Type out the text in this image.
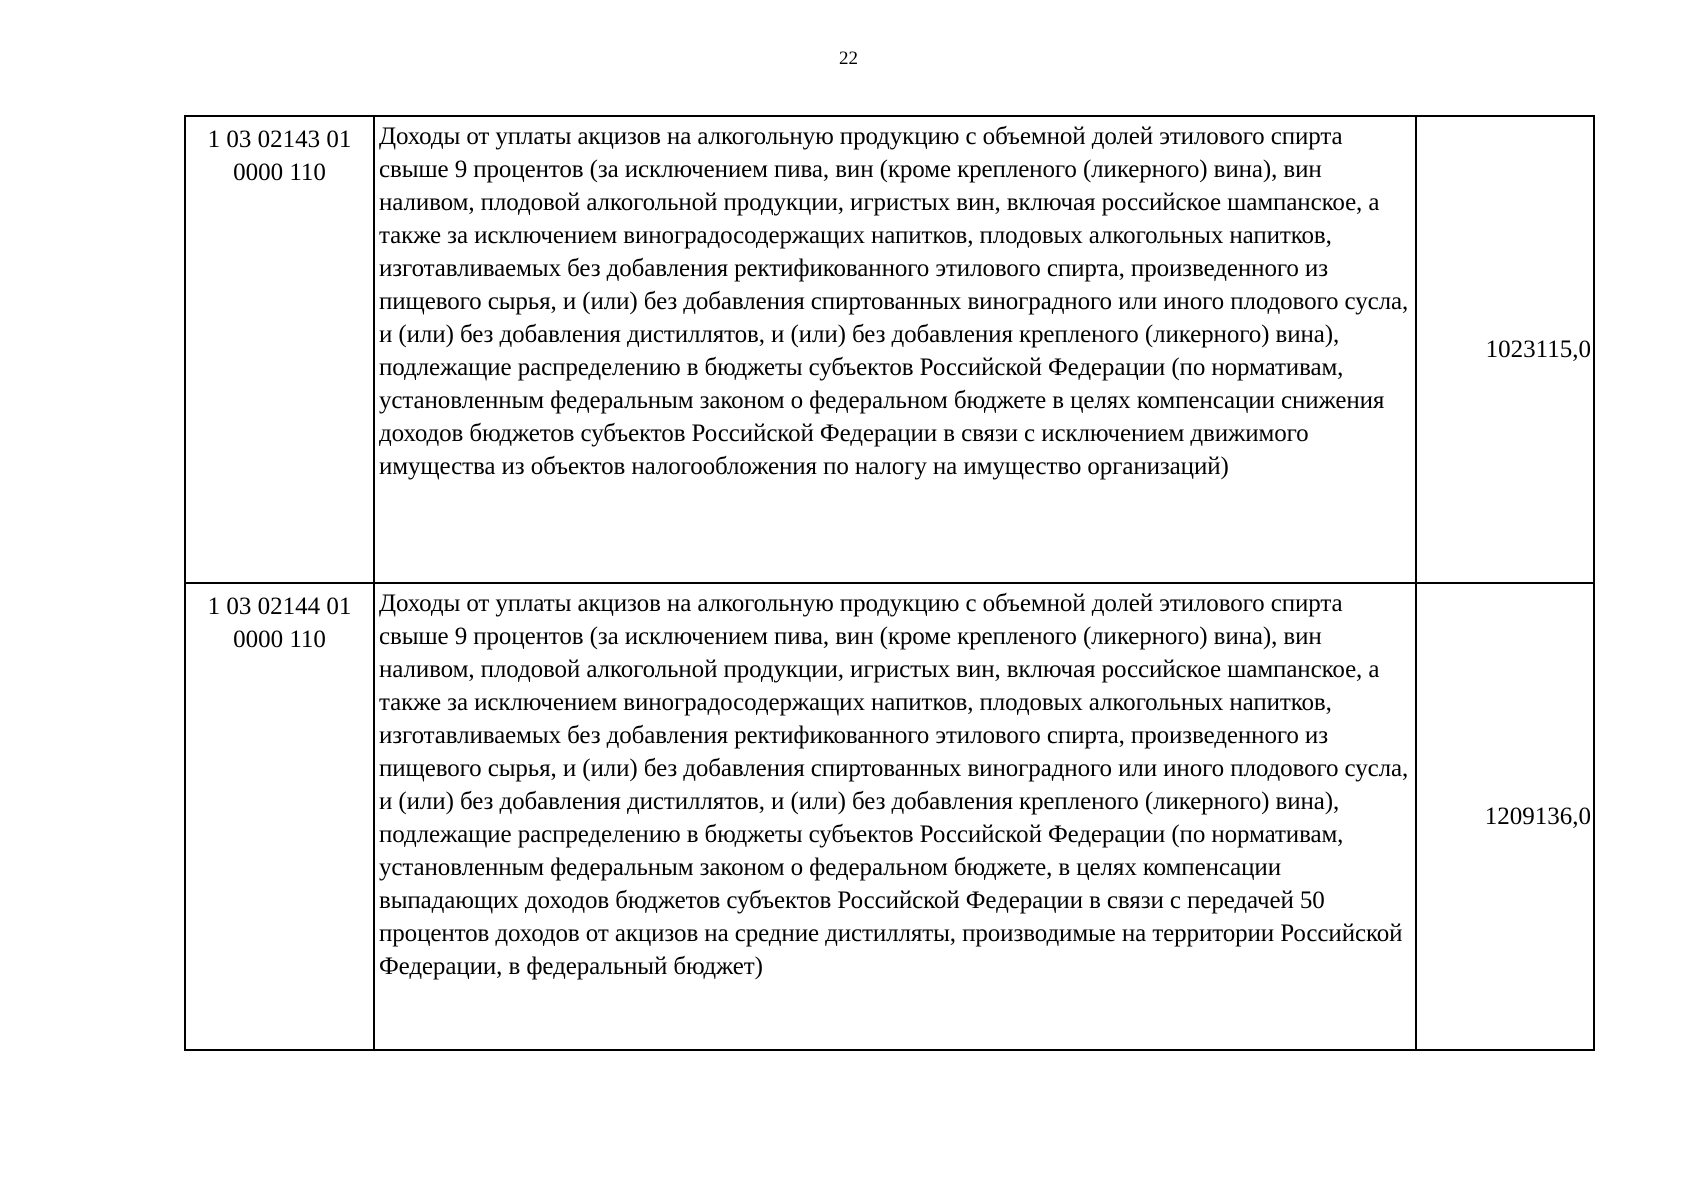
22
1 03 02143 01
0000 110	Доходы от уплаты акцизов на алкогольную продукцию с объемной долей этилового спирта свыше 9 процентов (за исключением пива, вин (кроме крепленого (ликерного) вина), вин наливом, плодовой алкогольной продукции, игристых вин, включая российское шампанское, а также за исключением виноградосодержащих напитков, плодовых алкогольных напитков, изготавливаемых без добавления ректификованного этилового спирта, произведенного из пищевого сырья, и (или) без добавления спиртованных виноградного или иного плодового сусла, и (или) без добавления дистиллятов, и (или) без добавления крепленого (ликерного) вина), подлежащие распределению в бюджеты субъектов Российской Федерации (по нормативам, установленным федеральным законом о федеральном бюджете в целях компенсации снижения доходов бюджетов субъектов Российской Федерации в связи с исключением движимого имущества из объектов налогообложения по налогу на имущество организаций)	1023115,0

1 03 02144 01
0000 110	Доходы от уплаты акцизов на алкогольную продукцию с объемной долей этилового спирта свыше 9 процентов (за исключением пива, вин (кроме крепленого (ликерного) вина), вин наливом, плодовой алкогольной продукции, игристых вин, включая российское шампанское, а также за исключением виноградосодержащих напитков, плодовых алкогольных напитков, изготавливаемых без добавления ректификованного этилового спирта, произведенного из пищевого сырья, и (или) без добавления спиртованных виноградного или иного плодового сусла, и (или) без добавления дистиллятов, и (или) без добавления крепленого (ликерного) вина), подлежащие распределению в бюджеты субъектов Российской Федерации (по нормативам, установленным федеральным законом о федеральном бюджете, в целях компенсации выпадающих доходов бюджетов субъектов Российской Федерации в связи с передачей 50 процентов доходов от акцизов на средние дистилляты, производимые на территории Российской Федерации, в федеральный бюджет)	1209136,0
